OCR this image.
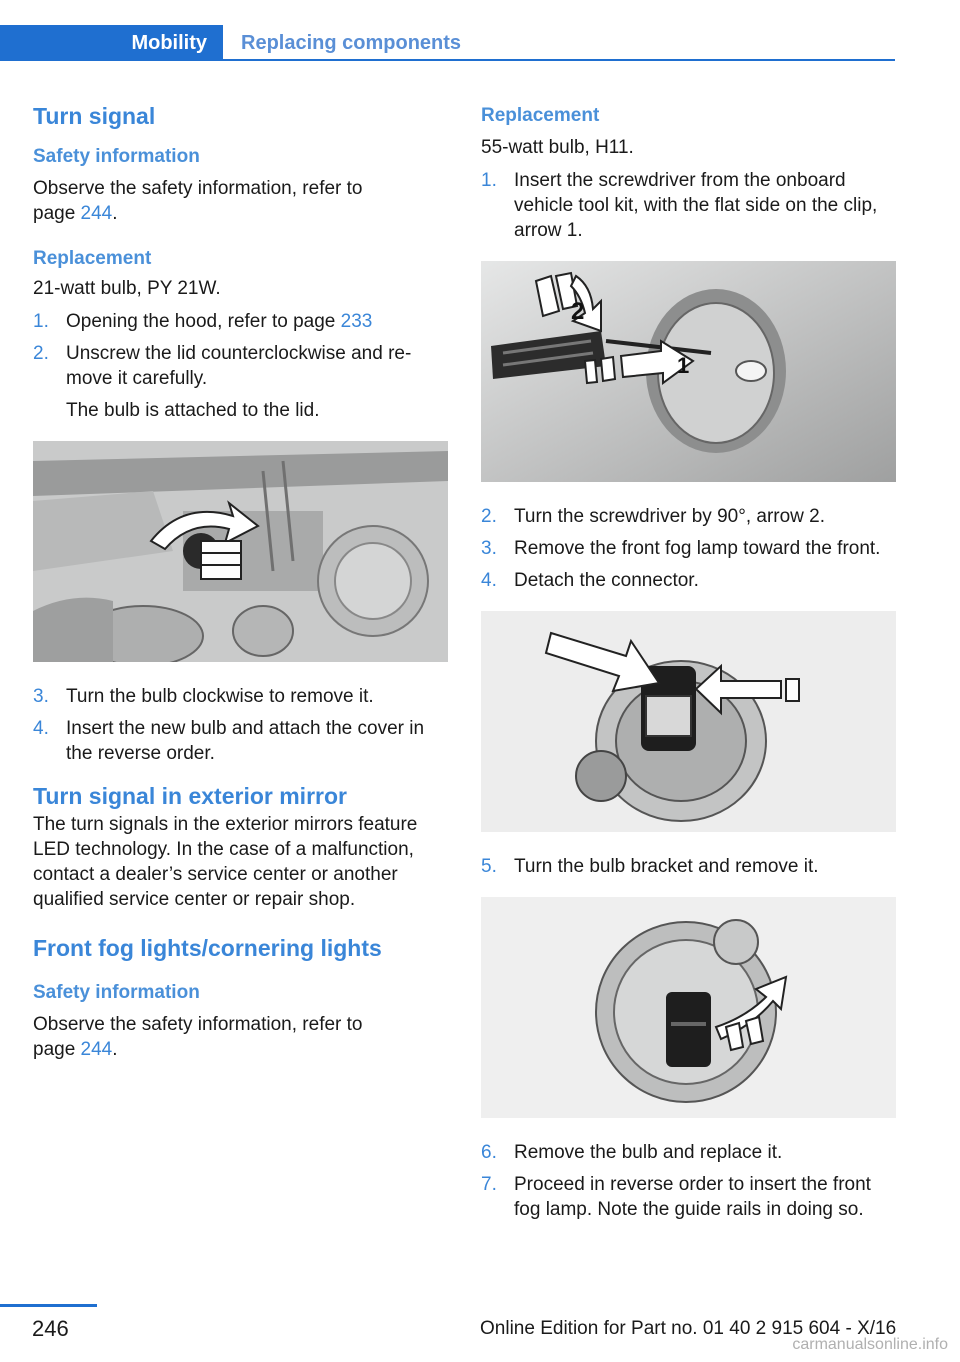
Mobility	Replacing components
Turn signal
Safety information
Observe the safety information, refer to page 244.
Replacement
21-watt bulb, PY 21W.
1. Opening the hood, refer to page 233
2. Unscrew the lid counterclockwise and remove it carefully.
The bulb is attached to the lid.
3. Turn the bulb clockwise to remove it.
4. Insert the new bulb and attach the cover in the reverse order.
Turn signal in exterior mirror
The turn signals in the exterior mirrors feature LED technology. In the case of a malfunction, contact a dealer’s service center or another qualified service center or repair shop.
Front fog lights/cornering lights
Safety information
Observe the safety information, refer to page 244.
Replacement
55-watt bulb, H11.
1. Insert the screwdriver from the onboard vehicle tool kit, with the flat side on the clip, arrow 1.
2
1
2. Turn the screwdriver by 90°, arrow 2.
3. Remove the front fog lamp toward the front.
4. Detach the connector.
5. Turn the bulb bracket and remove it.
6. Remove the bulb and replace it.
7. Proceed in reverse order to insert the front fog lamp. Note the guide rails in doing so.
246	Online Edition for Part no. 01 40 2 915 604 - X/16
carmanualsonline.info
